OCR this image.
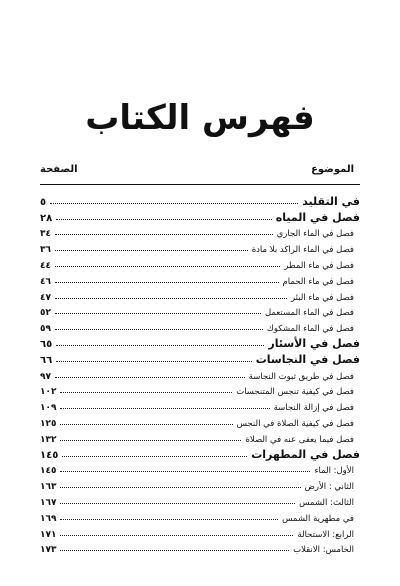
فهرس الكتاب
الموضوع
الصفحة
في التقليد
٥
فصل في المياه
٢٨
فصل في الماء الجاري
٣٤
فصل في الماء الراكد بلا مادة
٣٦
فصل في ماء المطر
٤٤
فصل في ماء الحمام
٤٦
فصل في ماء البئر
٤٧
فصل في الماء المستعمل
٥٢
فصل في الماء المشكوك
٥٩
فصل في الأسئار
٦٥
فصل في النجاسات
٦٦
فصل في طريق ثبوت النجاسة
٩٧
فصل في كيفية تنجس المتنجسات
١٠٢
فصل في إزالة النجاسة
١٠٩
فصل في كيفية الصلاة في النجس
١٢٥
فصل فيما يعفى عنه في الصلاة
١٣٢
فصل في المطهرات
١٤٥
الأول: الماء
١٤٥
الثاني : الأرض
١٦٣
الثالث: الشمس
١٦٧
في مطهرية الشمس
١٦٩
الرابع: الاستحالة
١٧١
الخامس: الانقلاب
١٧٣
